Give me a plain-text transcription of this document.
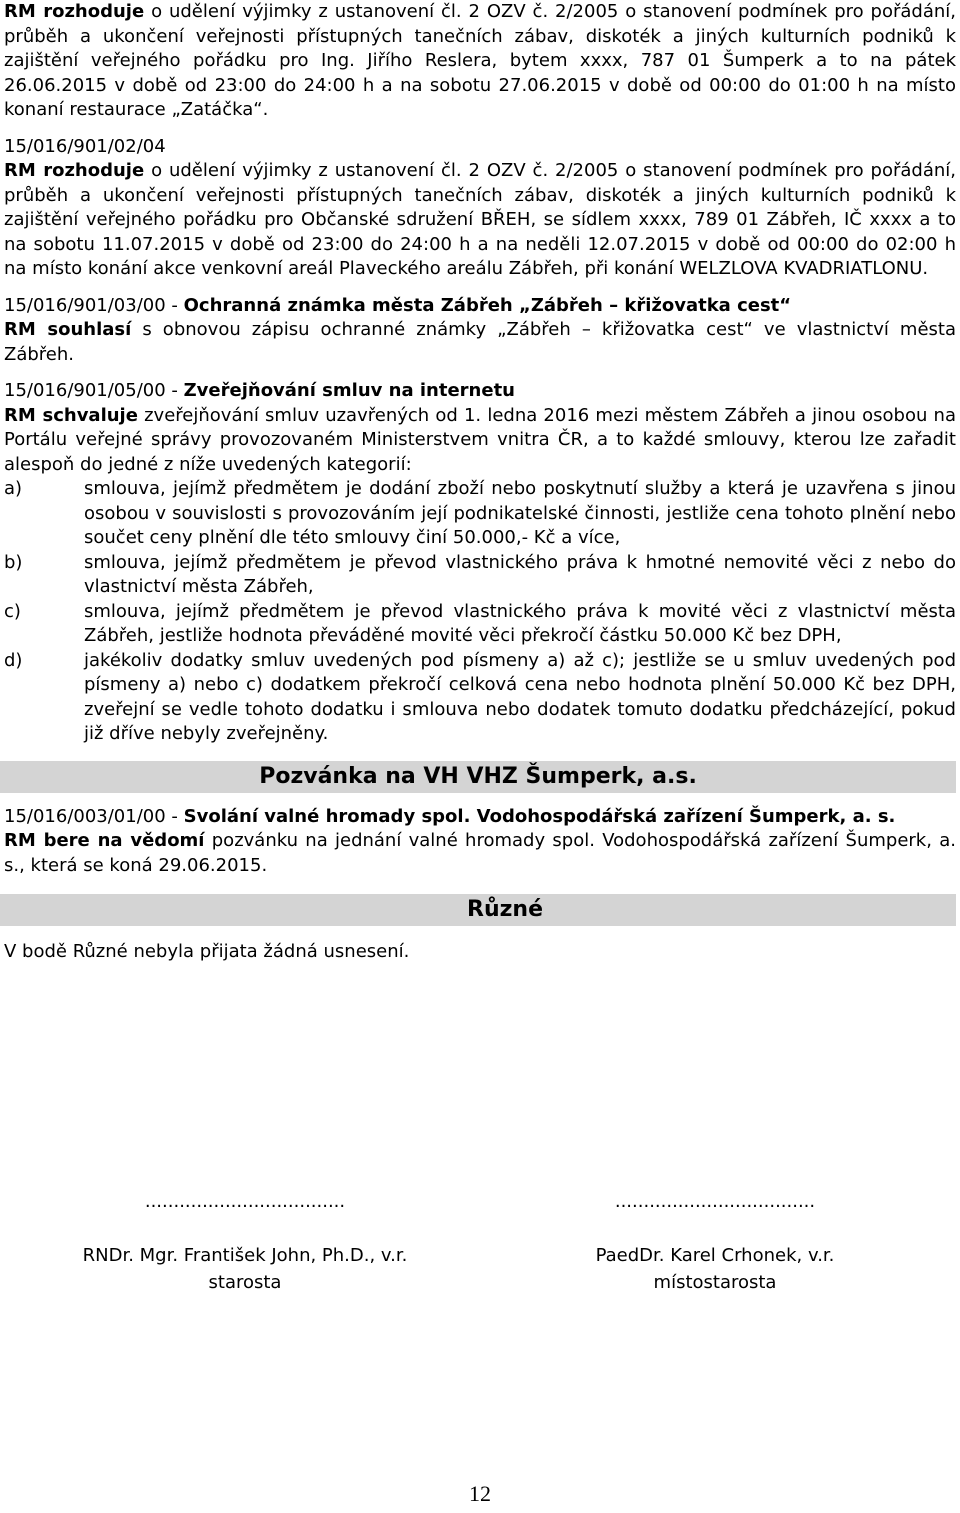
RM rozhoduje o udělení výjimky z ustanovení čl. 2 OZV č. 2/2005 o stanovení podmínek pro pořádání, průběh a ukončení veřejnosti přístupných tanečních zábav, diskoték a jiných kulturních podniků k zajištění veřejného pořádku pro Ing. Jiřího Reslera, bytem xxxx, 787 01 Šumperk a to na pátek 26.06.2015 v době od 23:00 do 24:00 h a na sobotu 27.06.2015 v době od 00:00 do 01:00 h na místo konaní restaurace „Zatáčka“.

15/016/901/02/04

RM rozhoduje o udělení výjimky z ustanovení čl. 2 OZV č. 2/2005 o stanovení podmínek pro pořádání, průběh a ukončení veřejnosti přístupných tanečních zábav, diskoték a jiných kulturních podniků k zajištění veřejného pořádku pro Občanské sdružení BŘEH, se sídlem xxxx, 789 01 Zábřeh, IČ xxxx a to na sobotu 11.07.2015 v době od 23:00 do 24:00 h a na neděli 12.07.2015 v době od 00:00 do 02:00 h na místo konání akce venkovní areál Plaveckého areálu Zábřeh, při konání WELZLOVA KVADRIATLONU.

15/016/901/03/00 - Ochranná známka města Zábřeh „Zábřeh – křižovatka cest“

RM souhlasí s obnovou zápisu ochranné známky „Zábřeh – křižovatka cest“ ve vlastnictví města Zábřeh.

15/016/901/05/00 - Zveřejňování smluv na internetu

RM schvaluje zveřejňování smluv uzavřených od 1. ledna 2016 mezi městem Zábřeh a jinou osobou na Portálu veřejné správy provozovaném Ministerstvem vnitra ČR, a to každé smlouvy, kterou lze zařadit alespoň do jedné z níže uvedených kategorií:

a)	smlouva, jejímž předmětem je dodání zboží nebo poskytnutí služby a která je uzavřena s jinou osobou v souvislosti s provozováním její podnikatelské činnosti, jestliže cena tohoto plnění nebo součet ceny plnění dle této smlouvy činí 50.000,- Kč a více,
b)	smlouva, jejímž předmětem je převod vlastnického práva k hmotné nemovité věci z nebo do vlastnictví města Zábřeh,
c)	smlouva, jejímž předmětem je převod vlastnického práva k movité věci z vlastnictví města Zábřeh, jestliže hodnota převáděné movité věci překročí částku 50.000 Kč bez DPH,
d)	jakékoliv dodatky smluv uvedených pod písmeny a) až c); jestliže se u smluv uvedených pod písmeny a) nebo c) dodatkem překročí celková cena nebo hodnota plnění 50.000 Kč bez DPH, zveřejní se vedle tohoto dodatku i smlouva nebo dodatek tomuto dodatku předcházející, pokud již dříve nebyly zveřejněny.
Pozvánka na VH VHZ Šumperk, a.s.

15/016/003/01/00 - Svolání valné hromady spol. Vodohospodářská zařízení Šumperk, a. s.

RM bere na vědomí pozvánku na jednání valné hromady spol. Vodohospodářská zařízení Šumperk, a. s., která se koná 29.06.2015.

Různé

V bodě Různé nebyla přijata žádná usnesení.

...................................
RNDr. Mgr. František John, Ph.D., v.r.
starosta
...................................
PaedDr. Karel Crhonek, v.r.
místostarosta
12
